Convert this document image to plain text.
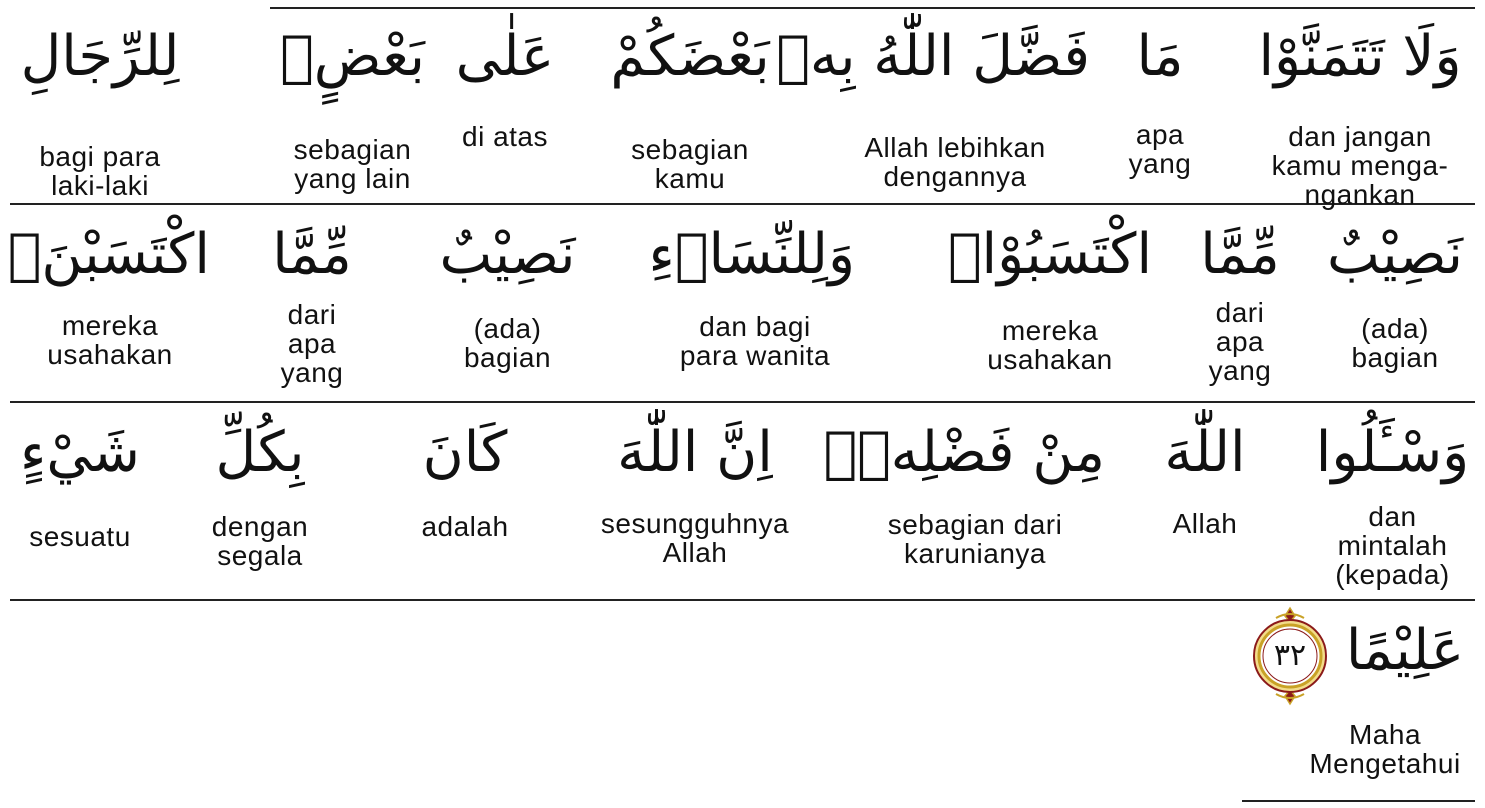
وَلَا تَتَمَنَّوْا
dan jangan
kamu menga-
ngankan
مَا
apa
yang
فَضَّلَ اللّٰهُ بِهٖ
Allah lebihkan
dengannya
بَعْضَكُمْ
sebagian
kamu
عَلٰى
di atas
بَعْضٍۗ
sebagian
yang lain
لِلرِّجَالِ
bagi para
laki-laki
نَصِيْبٌ
(ada)
bagian
مِّمَّا
dari
apa
yang
اكْتَسَبُوْاۗ
mereka
usahakan
وَلِلنِّسَاۤءِ
dan bagi
para wanita
نَصِيْبٌ
(ada)
bagian
مِّمَّا
dari
apa
yang
اكْتَسَبْنَۗ
mereka
usahakan
وَسْـَٔلُوا
dan
mintalah
(kepada)
اللّٰهَ
Allah
مِنْ فَضْلِهٖۗ
sebagian dari
karunianya
اِنَّ اللّٰهَ
sesungguhnya
Allah
كَانَ
adalah
بِكُلِّ
dengan
segala
شَيْءٍ
sesuatu
عَلِيْمًا
Maha
Mengetahui
٣٢
